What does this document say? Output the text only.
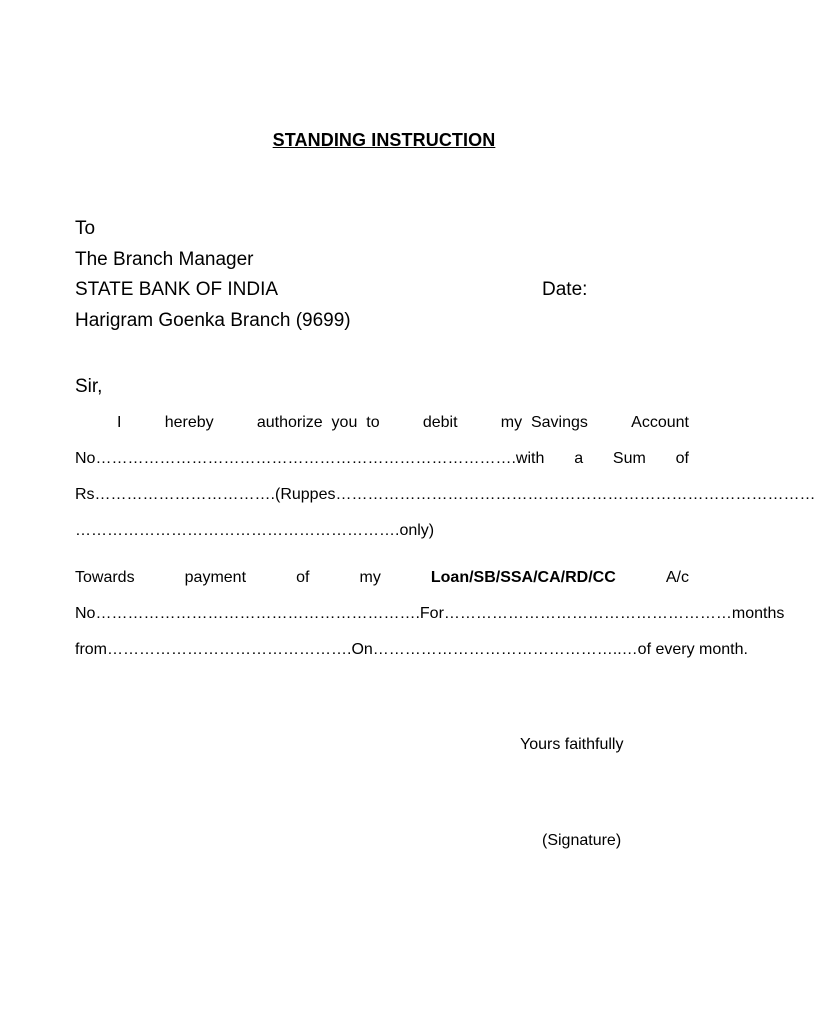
STANDING INSTRUCTION
To
The Branch Manager
STATE BANK OF INDIA
Harigram Goenka Branch (9699)
Date:
Sir,
I	hereby	authorize  you  to	debit	my  Savings	Account
No…………………………………………………………………….with a Sum of
Rs…………………………….(Ruppes………………………………………………………………………………
…………………………………………………….only)
Towards	payment	of	my	Loan/SB/SSA/CA/RD/CC	A/c
No…………………………………………………….For………………………………………………months
from……………………………………….On………………………………………..…of every month.
Yours faithfully
(Signature)
